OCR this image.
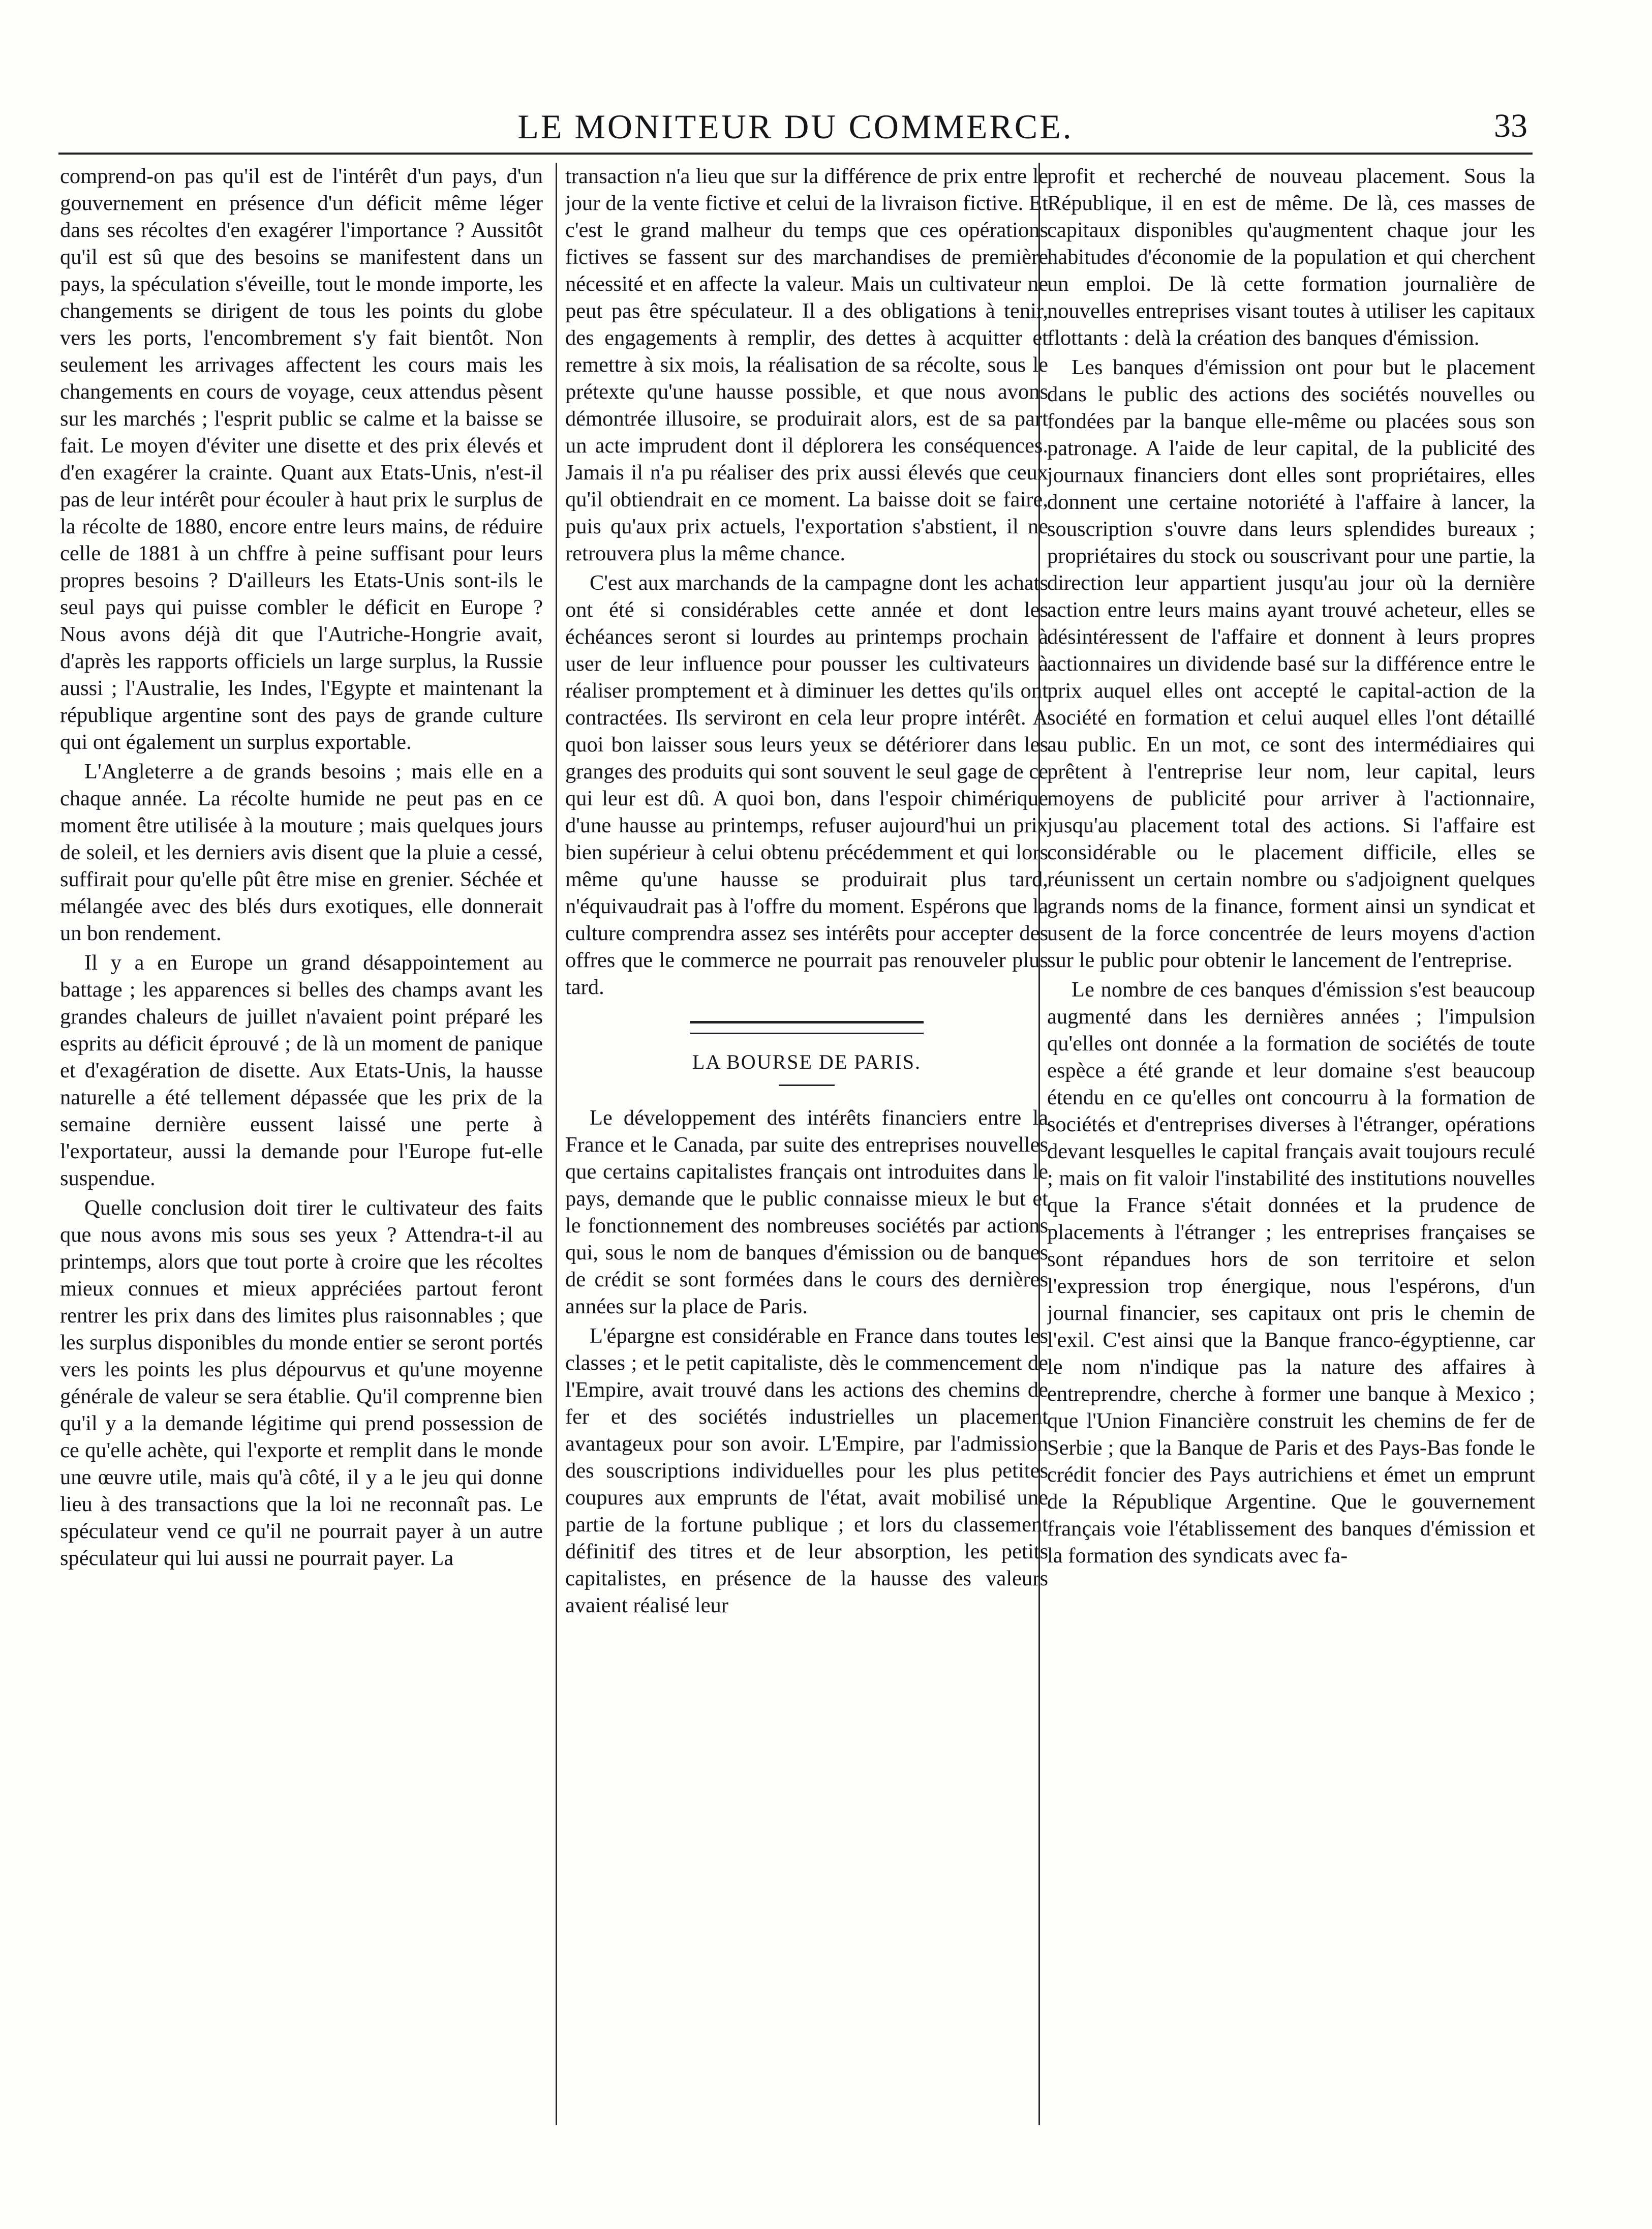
LE MONITEUR DU COMMERCE.	33

comprend-on pas qu'il est de l'intérêt d'un pays, d'un gouvernement en présence d'un déficit même léger dans ses récoltes d'en exagérer l'importance ? Aussitôt qu'il est sû que des besoins se manifestent dans un pays, la spéculation s'éveille, tout le monde importe, les changements se dirigent de tous les points du globe vers les ports, l'encombrement s'y fait bientôt. Non seulement les arrivages affectent les cours mais les changements en cours de voyage, ceux attendus pèsent sur les marchés ; l'esprit public se calme et la baisse se fait. Le moyen d'éviter une disette et des prix élevés et d'en exagérer la crainte. Quant aux Etats-Unis, n'est-il pas de leur intérêt pour écouler à haut prix le surplus de la récolte de 1880, encore entre leurs mains, de réduire celle de 1881 à un chffre à peine suffisant pour leurs propres besoins ? D'ailleurs les Etats-Unis sont-ils le seul pays qui puisse combler le déficit en Europe ? Nous avons déjà dit que l'Autriche-Hongrie avait, d'après les rapports officiels un large surplus, la Russie aussi ; l'Australie, les Indes, l'Egypte et maintenant la république argentine sont des pays de grande culture qui ont également un surplus exportable.

L'Angleterre a de grands besoins ; mais elle en a chaque année. La récolte humide ne peut pas en ce moment être utilisée à la mouture ; mais quelques jours de soleil, et les derniers avis disent que la pluie a cessé, suffirait pour qu'elle pût être mise en grenier. Séchée et mélangée avec des blés durs exotiques, elle donnerait un bon rendement.

Il y a en Europe un grand désappointement au battage ; les apparences si belles des champs avant les grandes chaleurs de juillet n'avaient point préparé les esprits au déficit éprouvé ; de là un moment de panique et d'exagération de disette. Aux Etats-Unis, la hausse naturelle a été tellement dépassée que les prix de la semaine dernière eussent laissé une perte à l'exportateur, aussi la demande pour l'Europe fut-elle suspendue.

Quelle conclusion doit tirer le cultivateur des faits que nous avons mis sous ses yeux ? Attendra-t-il au printemps, alors que tout porte à croire que les récoltes mieux connues et mieux appréciées partout feront rentrer les prix dans des limites plus raisonnables ; que les surplus disponibles du monde entier se seront portés vers les points les plus dépourvus et qu'une moyenne générale de valeur se sera établie. Qu'il comprenne bien qu'il y a la demande légitime qui prend possession de ce qu'elle achète, qui l'exporte et remplit dans le monde une œuvre utile, mais qu'à côté, il y a le jeu qui donne lieu à des transactions que la loi ne reconnaît pas. Le spéculateur vend ce qu'il ne pourrait payer à un autre spéculateur qui lui aussi ne pourrait payer. La

transaction n'a lieu que sur la différence de prix entre le jour de la vente fictive et celui de la livraison fictive. Et c'est le grand malheur du temps que ces opérations fictives se fassent sur des marchandises de première nécessité et en affecte la valeur. Mais un cultivateur ne peut pas être spéculateur. Il a des obligations à tenir, des engagements à remplir, des dettes à acquitter et remettre à six mois, la réalisation de sa récolte, sous le prétexte qu'une hausse possible, et que nous avons démontrée illusoire, se produirait alors, est de sa part un acte imprudent dont il déplorera les conséquences. Jamais il n'a pu réaliser des prix aussi élevés que ceux qu'il obtiendrait en ce moment. La baisse doit se faire, puis qu'aux prix actuels, l'exportation s'abstient, il ne retrouvera plus la même chance.

C'est aux marchands de la campagne dont les achats ont été si considérables cette année et dont les échéances seront si lourdes au printemps prochain à user de leur influence pour pousser les cultivateurs à réaliser promptement et à diminuer les dettes qu'ils ont contractées. Ils serviront en cela leur propre intérêt. A quoi bon laisser sous leurs yeux se détériorer dans les granges des produits qui sont souvent le seul gage de ce qui leur est dû. A quoi bon, dans l'espoir chimérique d'une hausse au printemps, refuser aujourd'hui un prix bien supérieur à celui obtenu précédemment et qui lors même qu'une hausse se produirait plus tard, n'équivaudrait pas à l'offre du moment. Espérons que la culture comprendra assez ses intérêts pour accepter des offres que le commerce ne pourrait pas renouveler plus tard.

LA BOURSE DE PARIS.

Le développement des intérêts financiers entre la France et le Canada, par suite des entreprises nouvelles que certains capitalistes français ont introduites dans le pays, demande que le public connaisse mieux le but et le fonctionnement des nombreuses sociétés par actions qui, sous le nom de banques d'émission ou de banques de crédit se sont formées dans le cours des dernières années sur la place de Paris.

L'épargne est considérable en France dans toutes les classes ; et le petit capitaliste, dès le commencement de l'Empire, avait trouvé dans les actions des chemins de fer et des sociétés industrielles un placement avantageux pour son avoir. L'Empire, par l'admission des souscriptions individuelles pour les plus petites coupures aux emprunts de l'état, avait mobilisé une partie de la fortune publique ; et lors du classement définitif des titres et de leur absorption, les petits capitalistes, en présence de la hausse des valeurs avaient réalisé leur

profit et recherché de nouveau placement. Sous la République, il en est de même. De là, ces masses de capitaux disponibles qu'augmentent chaque jour les habitudes d'économie de la population et qui cherchent un emploi. De là cette formation journalière de nouvelles entreprises visant toutes à utiliser les capitaux flottants : delà la création des banques d'émission.

Les banques d'émission ont pour but le placement dans le public des actions des sociétés nouvelles ou fondées par la banque elle-même ou placées sous son patronage. A l'aide de leur capital, de la publicité des journaux financiers dont elles sont propriétaires, elles donnent une certaine notoriété à l'affaire à lancer, la souscription s'ouvre dans leurs splendides bureaux ; propriétaires du stock ou souscrivant pour une partie, la direction leur appartient jusqu'au jour où la dernière action entre leurs mains ayant trouvé acheteur, elles se désintéressent de l'affaire et donnent à leurs propres actionnaires un dividende basé sur la différence entre le prix auquel elles ont accepté le capital-action de la société en formation et celui auquel elles l'ont détaillé au public. En un mot, ce sont des intermédiaires qui prêtent à l'entreprise leur nom, leur capital, leurs moyens de publicité pour arriver à l'actionnaire, jusqu'au placement total des actions. Si l'affaire est considérable ou le placement difficile, elles se réunissent un certain nombre ou s'adjoignent quelques grands noms de la finance, forment ainsi un syndicat et usent de la force concentrée de leurs moyens d'action sur le public pour obtenir le lancement de l'entreprise.

Le nombre de ces banques d'émission s'est beaucoup augmenté dans les dernières années ; l'impulsion qu'elles ont donnée a la formation de sociétés de toute espèce a été grande et leur domaine s'est beaucoup étendu en ce qu'elles ont concourru à la formation de sociétés et d'entreprises diverses à l'étranger, opérations devant lesquelles le capital français avait toujours reculé ; mais on fit valoir l'instabilité des institutions nouvelles que la France s'était données et la prudence de placements à l'étranger ; les entreprises françaises se sont répandues hors de son territoire et selon l'expression trop énergique, nous l'espérons, d'un journal financier, ses capitaux ont pris le chemin de l'exil. C'est ainsi que la Banque franco-égyptienne, car le nom n'indique pas la nature des affaires à entreprendre, cherche à former une banque à Mexico ; que l'Union Financière construit les chemins de fer de Serbie ; que la Banque de Paris et des Pays-Bas fonde le crédit foncier des Pays autrichiens et émet un emprunt de la République Argentine. Que le gouvernement français voie l'établissement des banques d'émission et la formation des syndicats avec fa-
